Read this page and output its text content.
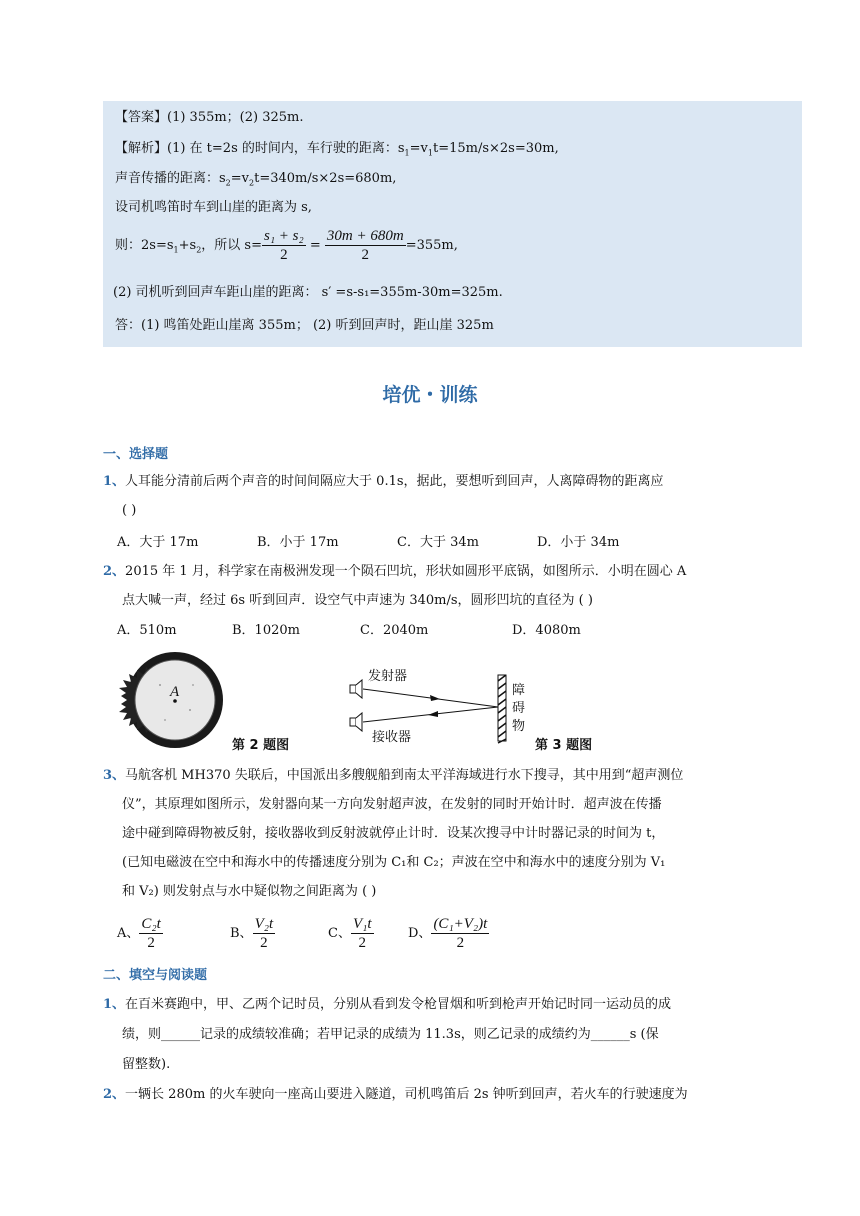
【答案】(1) 355m；(2) 325m.
【解析】(1) 在 t=2s 的时间内，车行驶的距离：$s_1=v_1t=15m/s\times 2s=30m$,
声音传播的距离：$s_2=v_2t=340m/s\times 2s=680m$,
设司机鸣笛时车到山崖的距离为 s,
则：$2s=s_1+s_2$，所以 $s= \frac{\text{s₁ + s₂}}{2} = \frac{30m + 680m}{2} =355m$,
(2) 司机听到回声车距山崖的距离： s′ =s-s₁=355m-30m=325m.
答：(1) 鸣笛处距山崖离 355m； (2) 听到回声时，距山崖 325m
培优・训练
一、选择题
1、人耳能分清前后两个声音的时间间隔应大于 0.1s，据此，要想听到回声，人离障碍物的距离应
( )
A．大于 17m	B．小于 17m	C．大于 34m	D．小于 34m
2、2015 年 1 月，科学家在南极洲发现一个陨石凹坑，形状如圆形平底锅，如图所示．小明在圆心 A
点大喊一声，经过 6s 听到回声．设空气中声速为 340m/s，圆形凹坑的直径为 ( )
A．510m	B．1020m	C．2040m	D．4080m
A
第 2 题图
发射器
接收器
障
碍
物
第 3 题图
3、马航客机 MH370 失联后，中国派出多艘舰船到南太平洋海域进行水下搜寻，其中用到“超声测位
仪”，其原理如图所示，发射器向某一方向发射超声波，在发射的同时开始计时．超声波在传播
途中碰到障碍物被反射，接收器收到反射波就停止计时．设某次搜寻中计时器记录的时间为 t，
(已知电磁波在空中和海水中的传播速度分别为 C₁和 C₂；声波在空中和海水中的速度分别为 V₁
和 V₂) 则发射点与水中疑似物之间距离为 ( )
A、 $\frac{\text{C₂t}}{2}$	B、 $\frac{\text{V₂t}}{2}$	C、 $\frac{\text{V₁t}}{2}$	D、 $\frac{\text{(C₁+V₂)t}}{2}$
二、填空与阅读题
1、在百米赛跑中，甲、乙两个记时员，分别从看到发令枪冒烟和听到枪声开始记时同一运动员的成
绩，则______记录的成绩较准确；若甲记录的成绩为 11.3s，则乙记录的成绩约为______s (保
留整数).
2、一辆长 280m 的火车驶向一座高山要进入隧道，司机鸣笛后 2s 钟听到回声，若火车的行驶速度为
